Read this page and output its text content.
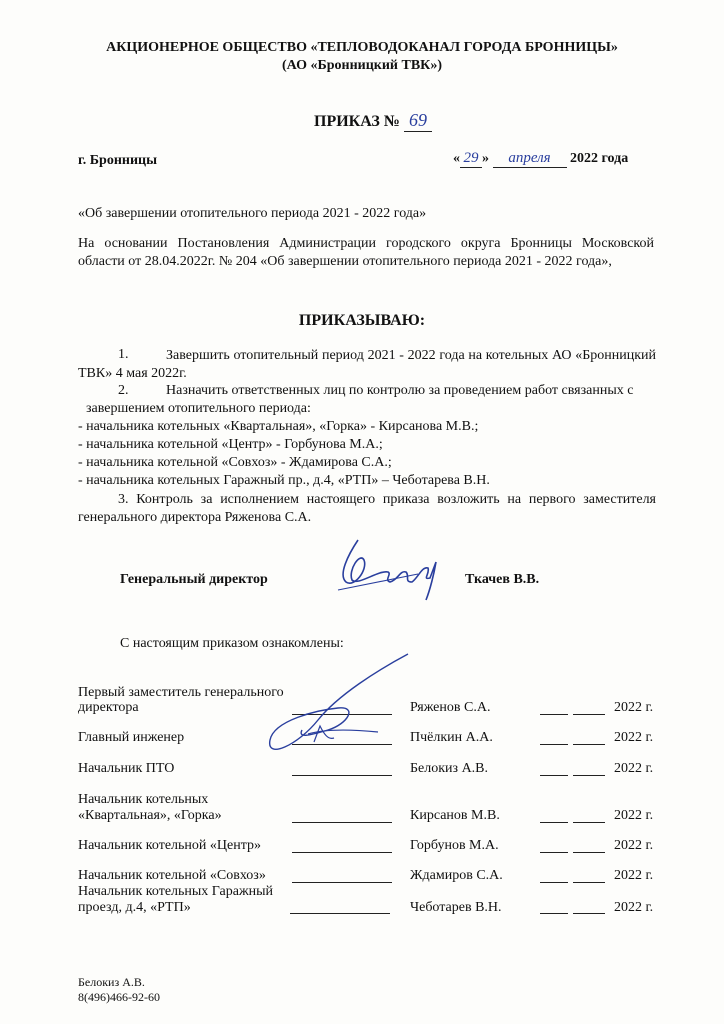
АКЦИОНЕРНОЕ ОБЩЕСТВО «ТЕПЛОВОДОКАНАЛ ГОРОДА БРОННИЦЫ»
(АО «Бронницкий ТВК»)
ПРИКАЗ № 69
г. Бронницы	« 29 » апреля 2022 года
«Об завершении отопительного периода 2021 - 2022 года»
На основании Постановления Администрации городского округа Бронницы Московской области от 28.04.2022г. № 204 «Об завершении отопительного периода 2021 - 2022 года»,
ПРИКАЗЫВАЮ:
1.	Завершить отопительный период 2021 - 2022 года на котельных АО «Бронницкий ТВК» 4 мая 2022г.
2.	Назначить ответственных лиц по контролю за проведением работ связанных с
завершением отопительного периода:
- начальника котельных «Квартальная», «Горка» - Кирсанова М.В.;
- начальника котельной «Центр» - Горбунова М.А.;
- начальника котельной «Совхоз» - Ждамирова С.А.;
- начальника котельных Гаражный пр., д.4, «РТП» – Чеботарева В.Н.
3. Контроль за исполнением настоящего приказа возложить на первого заместителя генерального директора Ряженова С.А.
Генеральный директор	Ткачев В.В.
С настоящим приказом ознакомлены:
Первый заместитель генерального
директора	Ряженов С.А.	2022 г.
Главный инженер	Пчёлкин А.А.	2022 г.
Начальник ПТО	Белокиз А.В.	2022 г.
Начальник котельных
«Квартальная», «Горка»	Кирсанов М.В.	2022 г.
Начальник котельной «Центр»	Горбунов М.А.	2022 г.
Начальник котельной «Совхоз»	Ждамиров С.А.	2022 г.
Начальник котельных Гаражный
проезд, д.4, «РТП»	Чеботарев В.Н.	2022 г.
Белокиз А.В.
8(496)466-92-60
